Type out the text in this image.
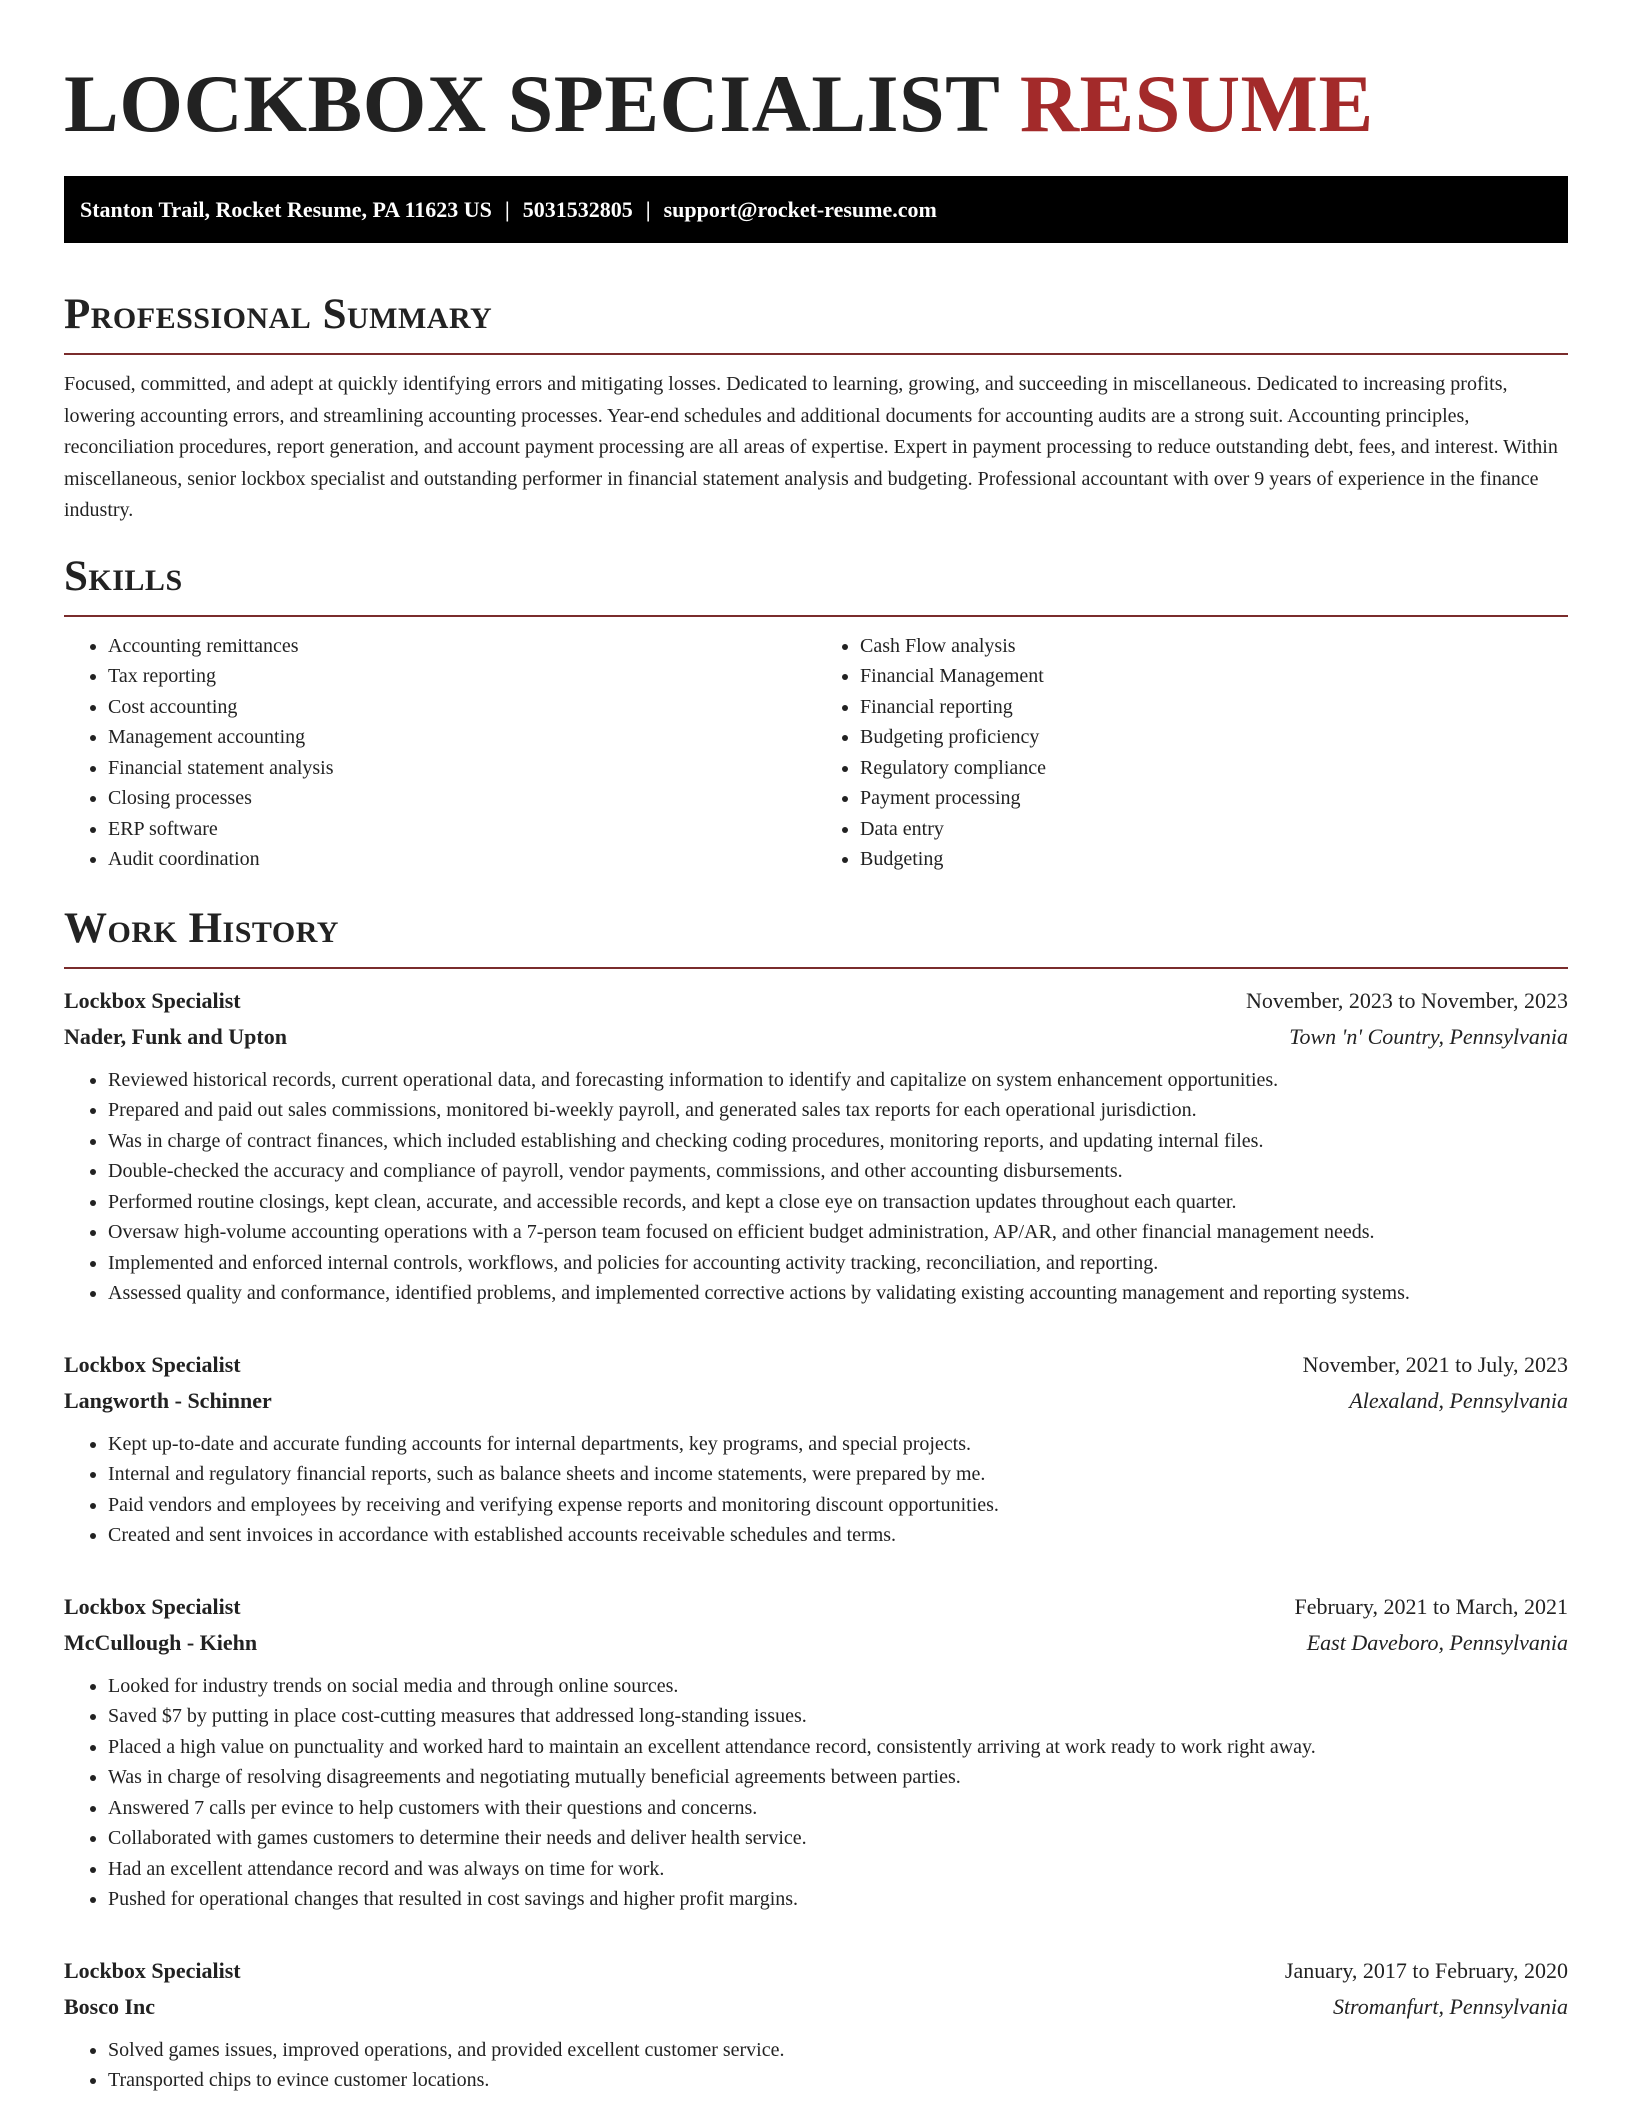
LOCKBOX SPECIALIST RESUME
Stanton Trail, Rocket Resume, PA 11623 US | 5031532805 | support@rocket-resume.com
Professional Summary

Focused, committed, and adept at quickly identifying errors and mitigating losses. Dedicated to learning, growing, and succeeding in miscellaneous. Dedicated to increasing profits, lowering accounting errors, and streamlining accounting processes. Year-end schedules and additional documents for accounting audits are a strong suit. Accounting principles, reconciliation procedures, report generation, and account payment processing are all areas of expertise. Expert in payment processing to reduce outstanding debt, fees, and interest. Within miscellaneous, senior lockbox specialist and outstanding performer in financial statement analysis and budgeting. Professional accountant with over 9 years of experience in the finance industry.

Skills
• Accounting remittances
• Tax reporting
• Cost accounting
• Management accounting
• Financial statement analysis
• Closing processes
• ERP software
• Audit coordination
• Cash Flow analysis
• Financial Management
• Financial reporting
• Budgeting proficiency
• Regulatory compliance
• Payment processing
• Data entry
• Budgeting
Work History
Lockbox Specialist	November, 2023 to November, 2023
Nader, Funk and Upton	Town 'n' Country, Pennsylvania
• Reviewed historical records, current operational data, and forecasting information to identify and capitalize on system enhancement opportunities.
• Prepared and paid out sales commissions, monitored bi-weekly payroll, and generated sales tax reports for each operational jurisdiction.
• Was in charge of contract finances, which included establishing and checking coding procedures, monitoring reports, and updating internal files.
• Double-checked the accuracy and compliance of payroll, vendor payments, commissions, and other accounting disbursements.
• Performed routine closings, kept clean, accurate, and accessible records, and kept a close eye on transaction updates throughout each quarter.
• Oversaw high-volume accounting operations with a 7-person team focused on efficient budget administration, AP/AR, and other financial management needs.
• Implemented and enforced internal controls, workflows, and policies for accounting activity tracking, reconciliation, and reporting.
• Assessed quality and conformance, identified problems, and implemented corrective actions by validating existing accounting management and reporting systems.
Lockbox Specialist	November, 2021 to July, 2023
Langworth - Schinner	Alexaland, Pennsylvania
• Kept up-to-date and accurate funding accounts for internal departments, key programs, and special projects.
• Internal and regulatory financial reports, such as balance sheets and income statements, were prepared by me.
• Paid vendors and employees by receiving and verifying expense reports and monitoring discount opportunities.
• Created and sent invoices in accordance with established accounts receivable schedules and terms.
Lockbox Specialist	February, 2021 to March, 2021
McCullough - Kiehn	East Daveboro, Pennsylvania
• Looked for industry trends on social media and through online sources.
• Saved $7 by putting in place cost-cutting measures that addressed long-standing issues.
• Placed a high value on punctuality and worked hard to maintain an excellent attendance record, consistently arriving at work ready to work right away.
• Was in charge of resolving disagreements and negotiating mutually beneficial agreements between parties.
• Answered 7 calls per evince to help customers with their questions and concerns.
• Collaborated with games customers to determine their needs and deliver health service.
• Had an excellent attendance record and was always on time for work.
• Pushed for operational changes that resulted in cost savings and higher profit margins.
Lockbox Specialist	January, 2017 to February, 2020
Bosco Inc	Stromanfurt, Pennsylvania
• Solved games issues, improved operations, and provided excellent customer service.
• Transported chips to evince customer locations.
